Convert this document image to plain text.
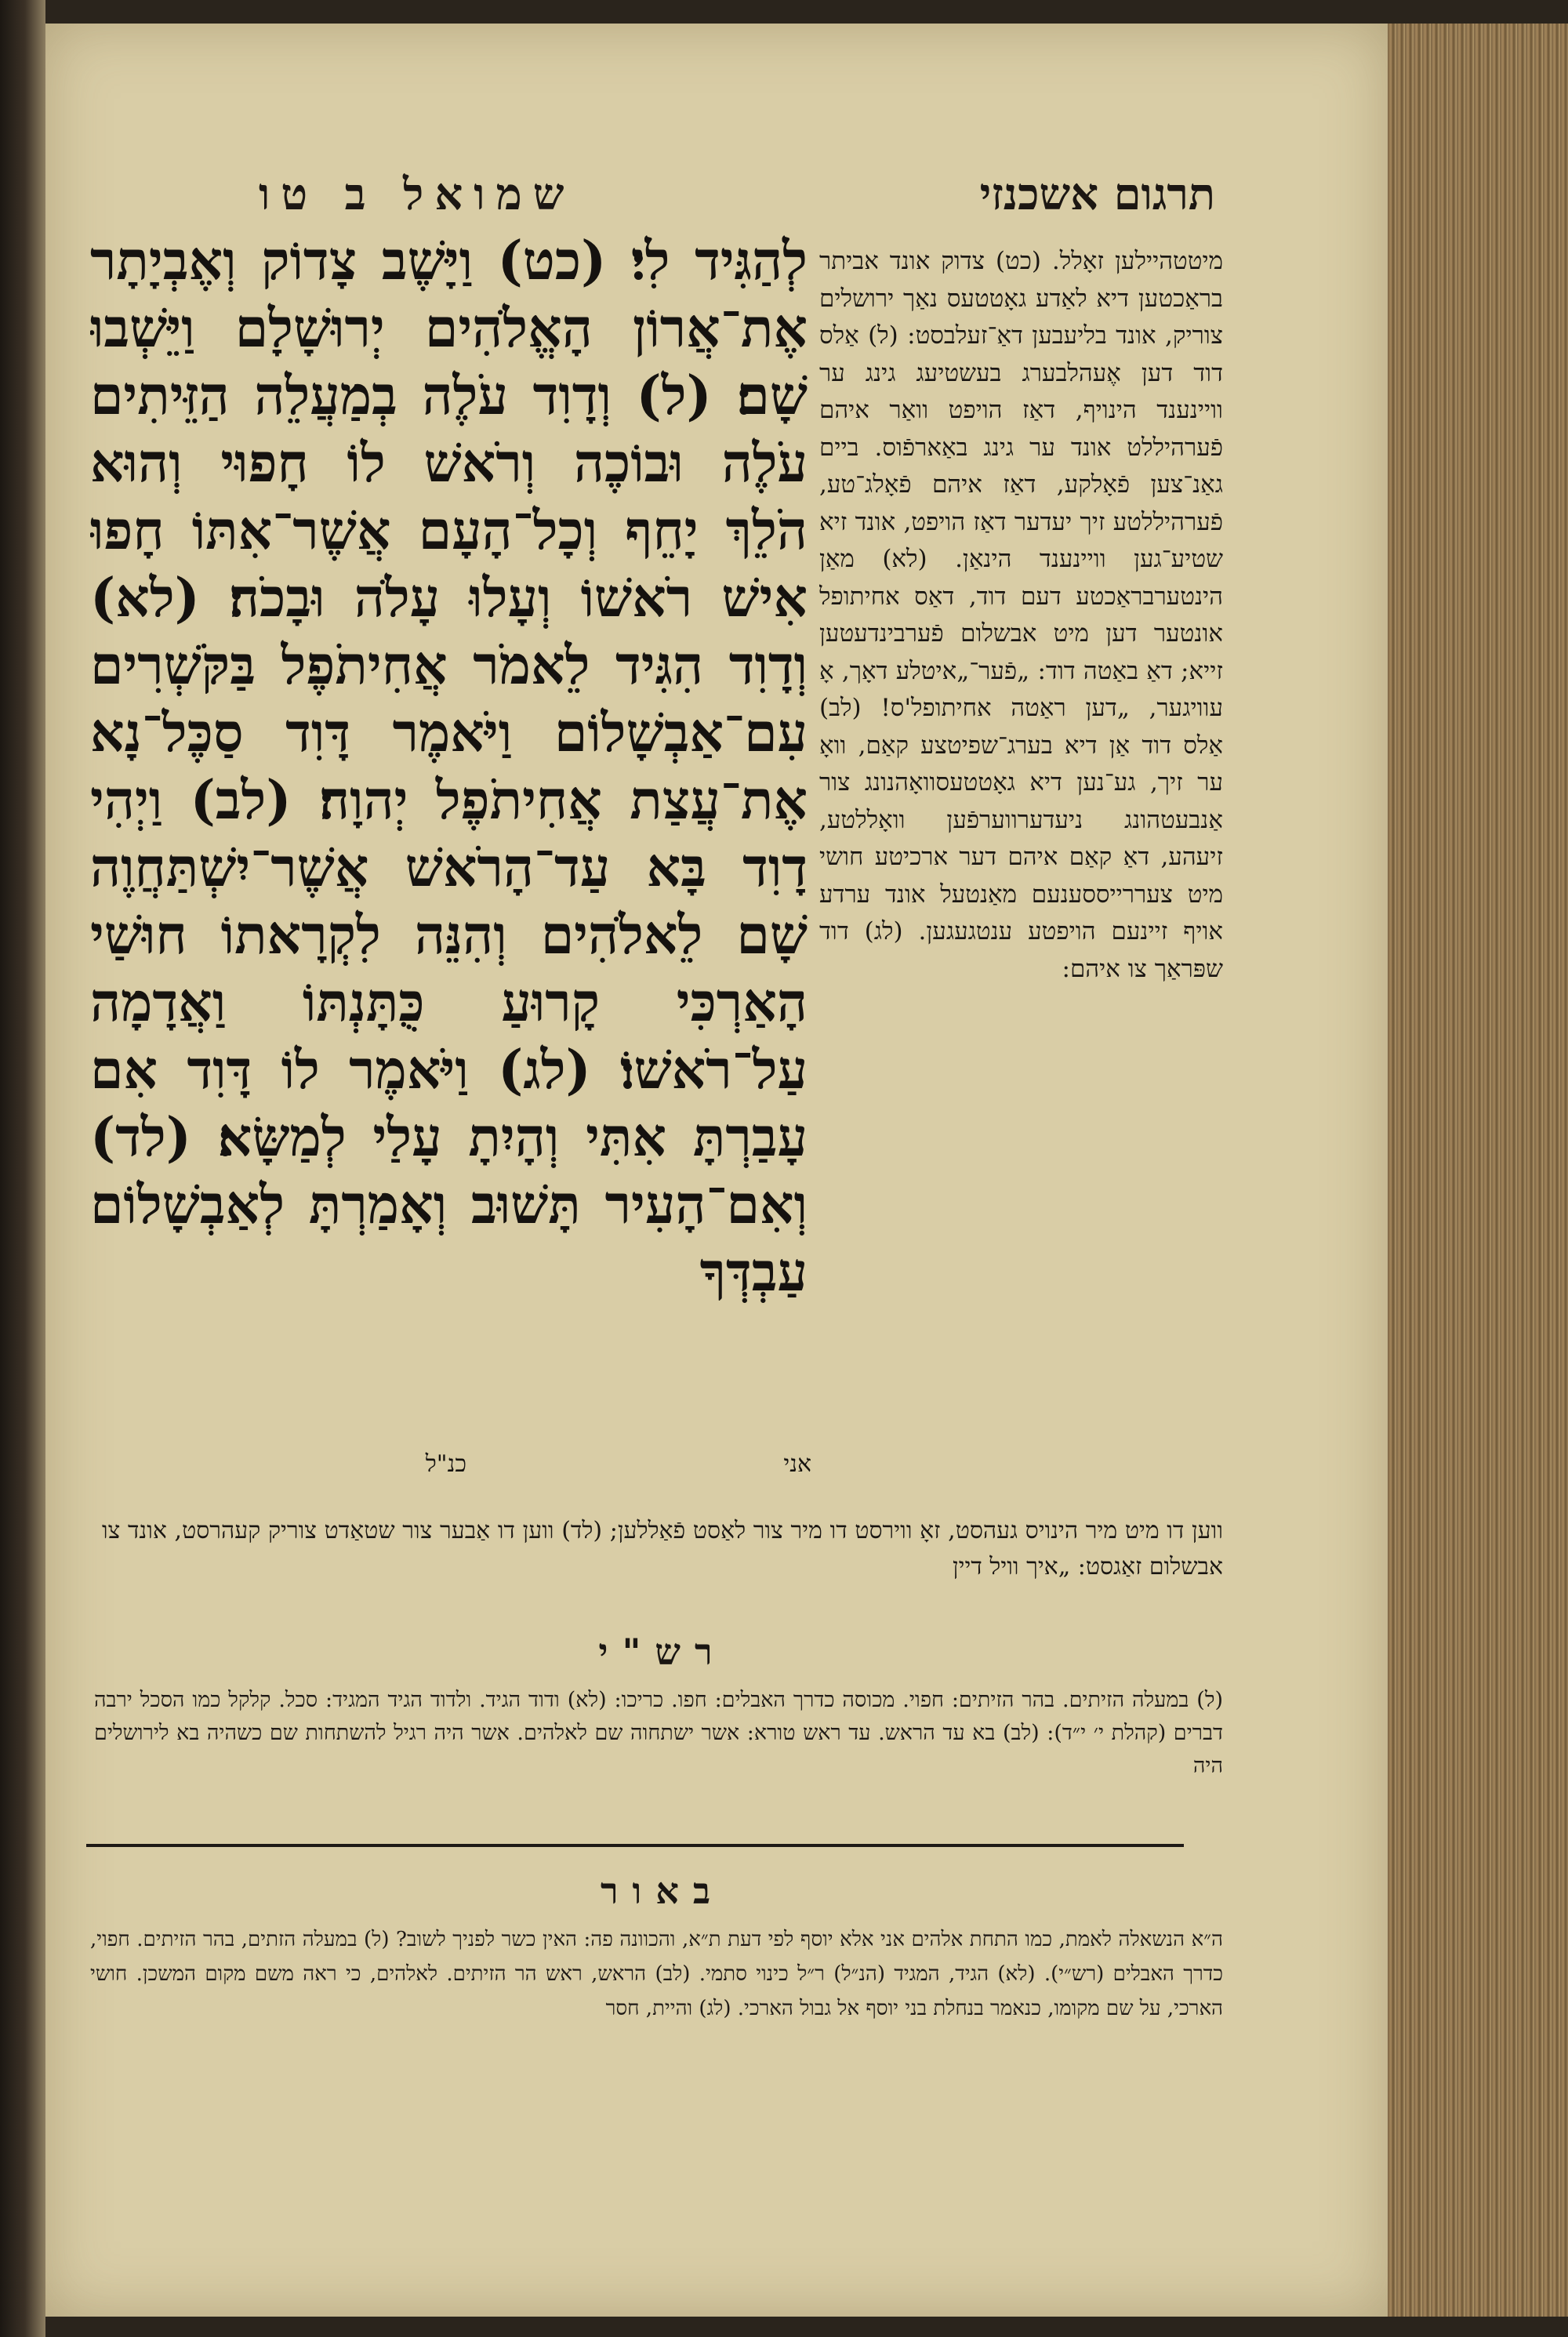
תרגום אשכנזי
שמואל ב טו

לְהַגִּיד לִי׃ (כט) וַיָּשֶׁב צָדוֹק וְאֶבְיָתָר אֶת־אֲרוֹן הָאֱלֹהִים יְרוּשָׁלָם וַיֵּשְׁבוּ שָׁם׃ (ל) וְדָוִד עֹלֶה בְמַעֲלֵה הַזֵּיתִים עֹלֶה וּבוֹכֶה וְרֹאשׁ לוֹ חָפוּי וְהוּא הֹלֵךְ יָחֵף וְכָל־הָעָם אֲשֶׁר־אִתּוֹ חָפוּ אִישׁ רֹאשׁוֹ וְעָלוּ עָלֹה וּבָכֹה׃ (לא) וְדָוִד הִגִּיד לֵאמֹר אֲחִיתֹפֶל בַּקֹּשְׁרִים עִם־אַבְשָׁלוֹם וַיֹּאמֶר דָּוִד סַכֶּל־נָא אֶת־עֲצַת אֲחִיתֹפֶל יְהוָה׃ (לב) וַיְהִי דָוִד בָּא עַד־הָרֹאשׁ אֲשֶׁר־יִשְׁתַּחֲוֶה שָׁם לֵאלֹהִים וְהִנֵּה לִקְרָאתוֹ חוּשַׁי הָאַרְכִּי קָרוּעַ כֻּתָּנְתּוֹ וַאֲדָמָה עַל־רֹאשׁוֹ׃ (לג) וַיֹּאמֶר לוֹ דָּוִד אִם עָבַרְתָּ אִתִּי וְהָיִתָ עָלַי לְמַשָּׂא׃ (לד) וְאִם־הָעִיר תָּשׁוּב וְאָמַרְתָּ לְאַבְשָׁלוֹם עַבְדְּךָ

אני
כנ"ל

מיטטהיילען זאָלל. (כט) צדוק אונד אביתר בראַכטען דיא לאַדע גאָטטעס נאַך ירושלים צוריק, אונד בליעבען דאַ־זעלבסט: (ל) אַלס דוד דען אֶעהלבערג בעשטיעג גינג ער וויינענד הינויף, דאַז הויפט וואַר איהם פֿערהיללט אונד ער גינג באַארפֿוס. ביים גאַנ־צען פֿאָלקע, דאַז איהם פֿאָלג־טע, פֿערהיללטע זיך יעדער דאַז הויפט, אונד זיא שטיע־גען וויינענד הינאַן. (לא) מאַן הינטערבראַכטע דעם דוד, דאַס אחיתופל אונטער דען מיט אבשלום פֿערבינדעטען זייא; דאַ באַטה דוד: „פֿער־„איטלע דאָך, אָ עוויגער, „דען ראַטה אחיתופל'ס! (לב) אַלס דוד אַן דיא בערג־שפיטצע קאַם, וואָ ער זיך, גע־נען דיא גאָטטעסוואָהנונג צור אַנבעטהונג ניעדערווערפֿען וואָללטע, זיעהע, דאַ קאַם איהם דער ארכיטע חושי מיט צעררייססענעם מאַנטעל אונד ערדע אויף זיינעם הויפטע ענטגעגען. (לג) דוד שפּראַך צו איהם:

ווען דו מיט מיר הינויס געהסט, זאָ ווירסט דו מיר צור לאַסט פֿאַללען; (לד) ווען דו אַבער צור שטאַדט צוריק קעהרסט, אונד צו אבשלום זאַגסט: „איך וויל דיין

רש"י

(ל) במעלה הזיתים. בהר הזיתים: חפוי. מכוסה כדרך האבלים: חפו. כריכו: (לא) ודוד הגיד. ולדוד הגיד המגיד: סכל. קלקל כמו הסכל ירבה דברים (קהלת י׳ י״ד): (לב) בא עד הראש. עד ראש טורא: אשר ישתחוה שם לאלהים. אשר היה רגיל להשתחות שם כשהיה בא לירושלים היה

באור

ה״א הנשאלה לאמת, כמו התחת אלהים אני אלא יוסף לפי דעת ת״א, והכוונה פה: האין כשר לפניך לשוב? (ל) במעלה הזתים, בהר הזיתים. חפוי, כדרך האבלים (רש״י). (לא) הגיד, המגיד (הנ״ל) ר״ל כינוי סתמי. (לב) הראש, ראש הר הזיתים. לאלהים, כי ראה משם מקום המשכן. חושי הארכי, על שם מקומו, כנאמר בנחלת בני יוסף אל גבול הארכי. (לג) והיית, חסר
